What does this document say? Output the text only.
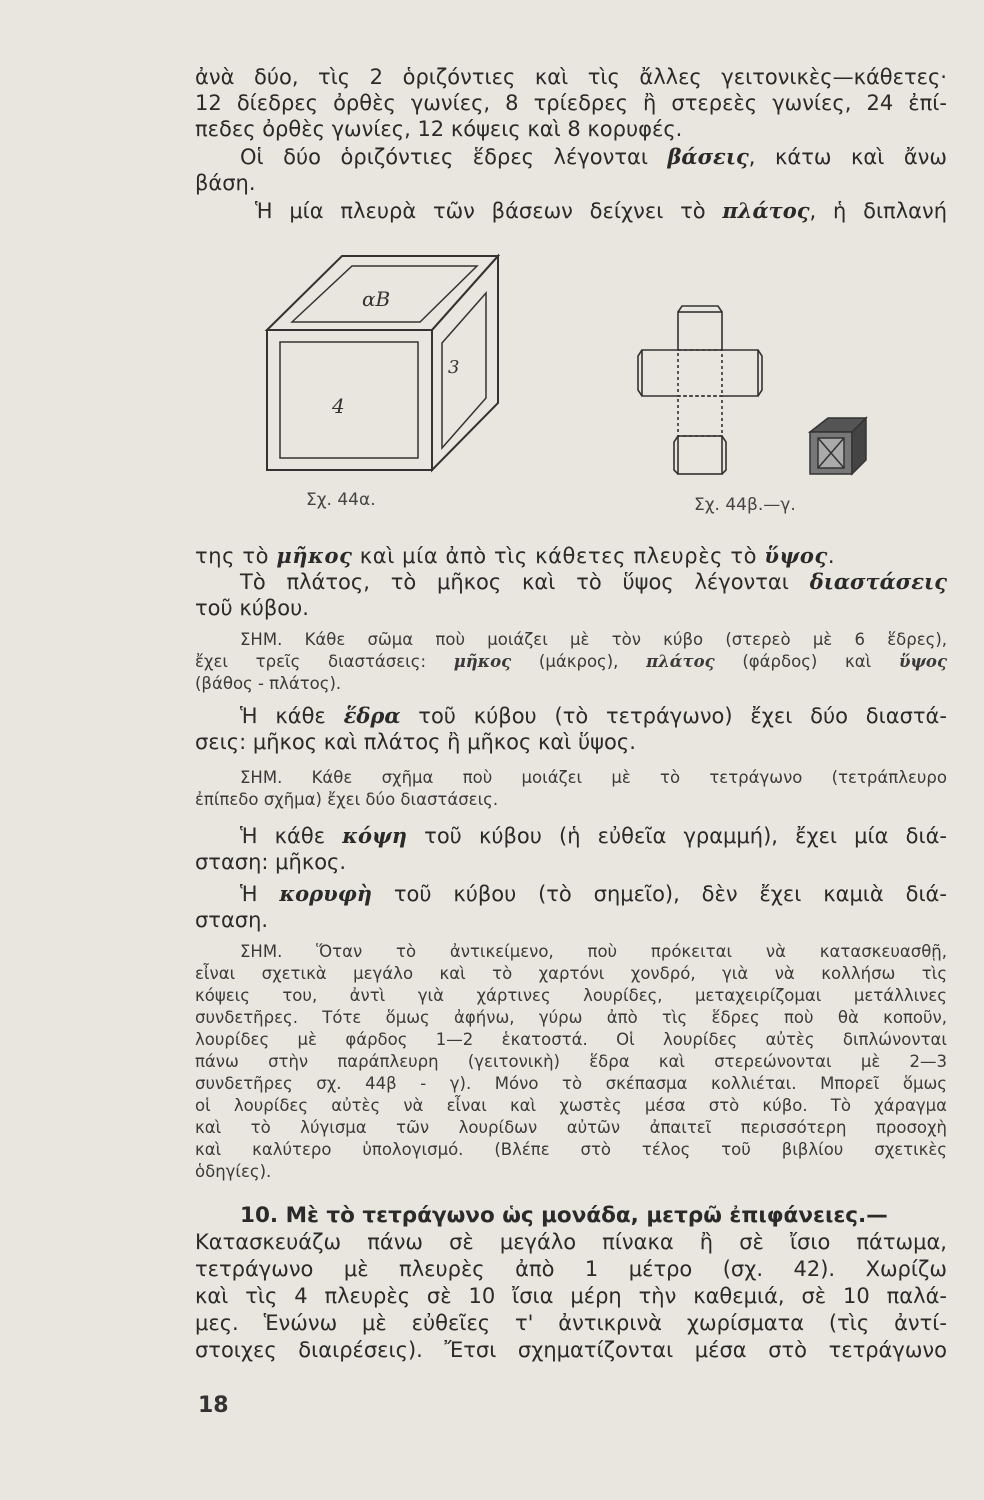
ἀνὰ δύο, τὶς 2 ὁριζόντιες καὶ τὶς ἄλλες γειτονικὲς—κάθετες·
12 δίεδρες ὀρθὲς γωνίες, 8 τρίεδρες ἢ στερεὲς γωνίες, 24 ἐπί-
πεδες ὀρθὲς γωνίες, 12 κόψεις καὶ 8 κορυφές.
Οἱ δύο ὁριζόντιες ἕδρες λέγονται βάσεις, κάτω καὶ ἄνω
βάση.
Ἡ μία πλευρὰ τῶν βάσεων δείχνει τὸ πλάτος, ἡ διπλανή
αΒ
4
3
Σχ. 44α.	Σχ. 44β.—γ.
της τὸ μῆκος καὶ μία ἀπὸ τὶς κάθετες πλευρὲς τὸ ὕψος.
Τὸ πλάτος, τὸ μῆκος καὶ τὸ ὕψος λέγονται διαστάσεις
τοῦ κύβου.
ΣΗΜ. Κάθε σῶμα ποὺ μοιάζει μὲ τὸν κύβο (στερεὸ μὲ 6 ἕδρες),
ἔχει τρεῖς διαστάσεις: μῆκος (μάκρος), πλάτος (φάρδος) καὶ ὕψος
(βάθος - πλάτος).
Ἡ κάθε ἕδρα τοῦ κύβου (τὸ τετράγωνο) ἔχει δύο διαστά-
σεις: μῆκος καὶ πλάτος ἢ μῆκος καὶ ὕψος.
ΣΗΜ. Κάθε σχῆμα ποὺ μοιάζει μὲ τὸ τετράγωνο (τετράπλευρο
ἐπίπεδο σχῆμα) ἔχει δύο διαστάσεις.
Ἡ κάθε κόψη τοῦ κύβου (ἡ εὐθεῖα γραμμή), ἔχει μία διά-
σταση: μῆκος.
Ἡ κορυφὴ τοῦ κύβου (τὸ σημεῖο), δὲν ἔχει καμιὰ διά-
σταση.
ΣΗΜ. Ὅταν τὸ ἀντικείμενο, ποὺ πρόκειται νὰ κατασκευασθῇ,
εἶναι σχετικὰ μεγάλο καὶ τὸ χαρτόνι χονδρό, γιὰ νὰ κολλήσω τὶς
κόψεις του, ἀντὶ γιὰ χάρτινες λουρίδες, μεταχειρίζομαι μετάλλινες
συνδετῆρες. Τότε ὅμως ἀφήνω, γύρω ἀπὸ τὶς ἕδρες ποὺ θὰ κοποῦν,
λουρίδες μὲ φάρδος 1—2 ἑκατοστά. Οἱ λουρίδες αὐτὲς διπλώνονται
πάνω στὴν παράπλευρη (γειτονικὴ) ἕδρα καὶ στερεώνονται μὲ 2—3
συνδετῆρες σχ. 44β - γ). Μόνο τὸ σκέπασμα κολλιέται. Μπορεῖ ὅμως
οἱ λουρίδες αὐτὲς νὰ εἶναι καὶ χωστὲς μέσα στὸ κύβο. Τὸ χάραγμα
καὶ τὸ λύγισμα τῶν λουρίδων αὐτῶν ἀπαιτεῖ περισσότερη προσοχὴ
καὶ καλύτερο ὑπολογισμό. (Βλέπε στὸ τέλος τοῦ βιβλίου σχετικὲς
ὁδηγίες).
10. Μὲ τὸ τετράγωνο ὡς μονάδα, μετρῶ ἐπιφάνειες.—
Κατασκευάζω πάνω σὲ μεγάλο πίνακα ἢ σὲ ἴσιο πάτωμα,
τετράγωνο μὲ πλευρὲς ἀπὸ 1 μέτρο (σχ. 42). Χωρίζω
καὶ τὶς 4 πλευρὲς σὲ 10 ἴσια μέρη τὴν καθεμιά, σὲ 10 παλά-
μες. Ἑνώνω μὲ εὐθεῖες τ' ἀντικρινὰ χωρίσματα (τὶς ἀντί-
στοιχες διαιρέσεις). Ἔτσι σχηματίζονται μέσα στὸ τετράγωνο
18
